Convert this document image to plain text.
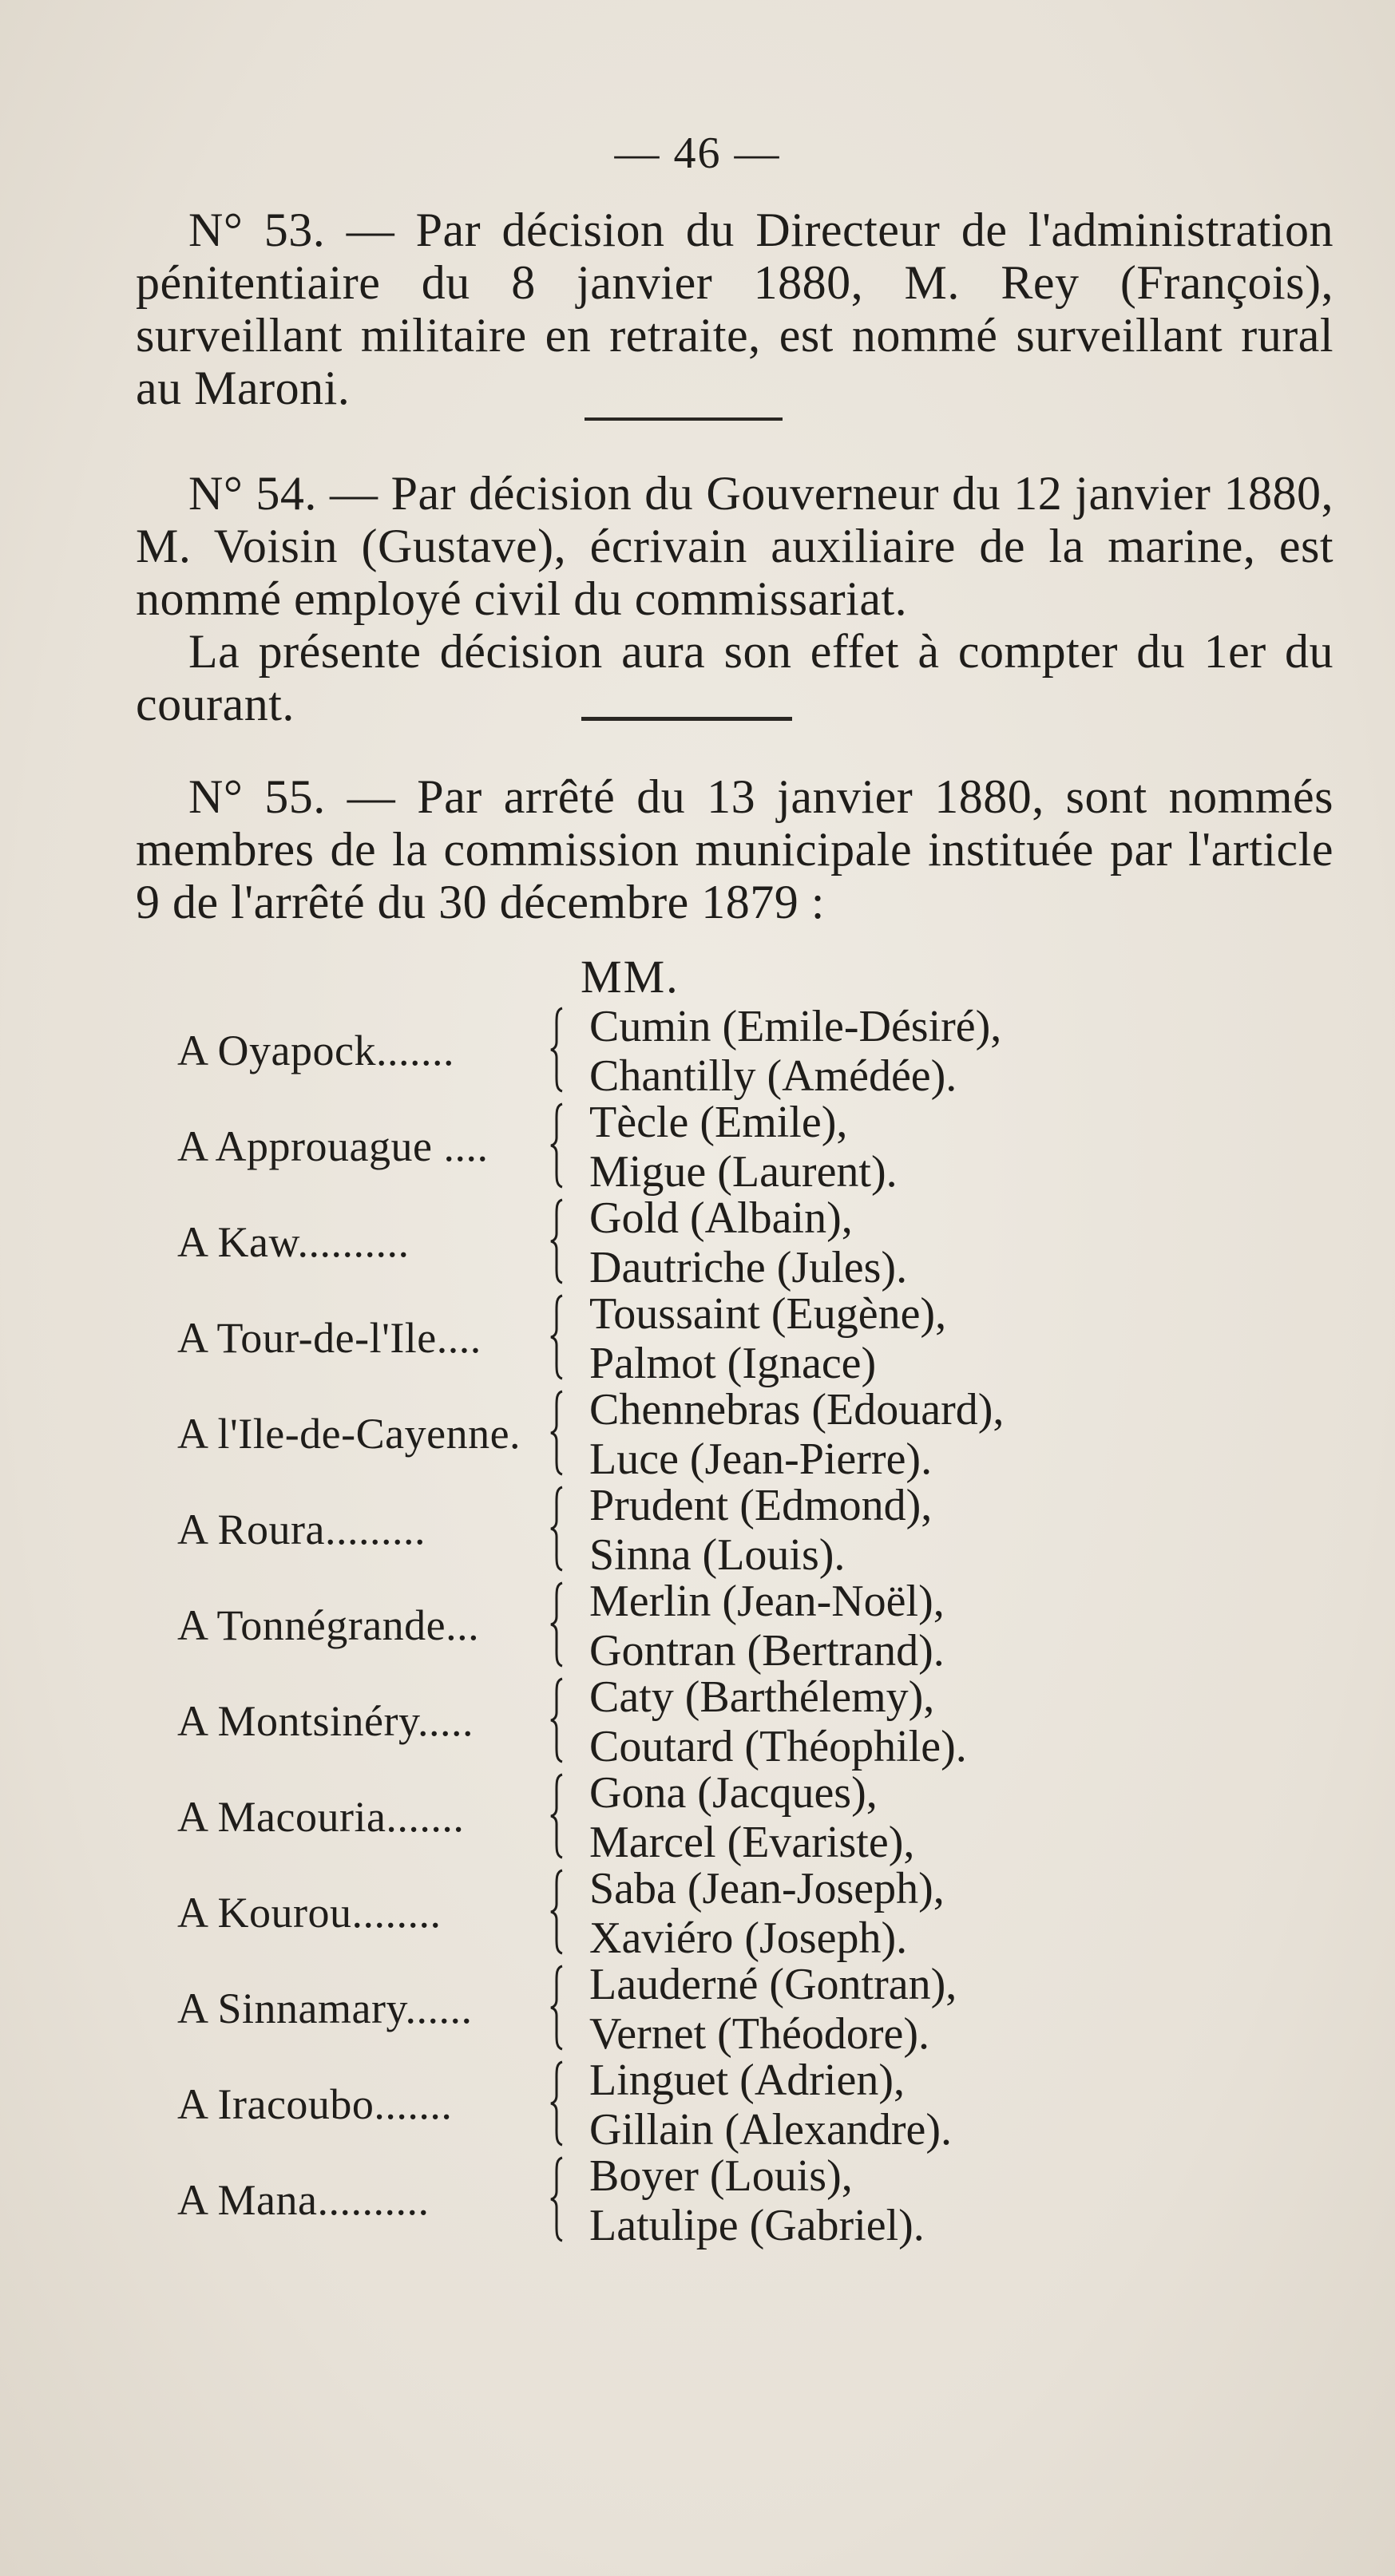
— 46 —

N° 53. — Par décision du Directeur de l'administration pénitentiaire du 8 janvier 1880, M. Rey (François), surveillant militaire en retraite, est nommé surveillant rural au Maroni.

N° 54. — Par décision du Gouverneur du 12 janvier 1880, M. Voisin (Gustave), écrivain auxiliaire de la marine, est nommé employé civil du commissariat.

La présente décision aura son effet à compter du 1er du courant.

N° 55. — Par arrêté du 13 janvier 1880, sont nommés membres de la commission municipale instituée par l'article 9 de l'arrêté du 30 décembre 1879 :

MM.
A Oyapock.......	Cumin (Emile-Désiré),
Chantilly (Amédée).
A Approuague .... Tècle (Emile),
Migue (Laurent).
A Kaw..........	Gold (Albain),
Dautriche (Jules).
A Tour-de-l'Ile.... Toussaint (Eugène),
Palmot (Ignace)
A l'Ile-de-Cayenne. Chennebras (Edouard),
Luce (Jean-Pierre).
A Roura.........	Prudent (Edmond),
Sinna (Louis).
A Tonnégrande... Merlin (Jean-Noël),
Gontran (Bertrand).
A Montsinéry.....	Caty (Barthélemy),
Coutard (Théophile).
A Macouria.......	Gona (Jacques),
Marcel (Evariste),
A Kourou........	Saba (Jean-Joseph),
Xaviéro (Joseph).
A Sinnamary......	Lauderné (Gontran),
Vernet (Théodore).
A Iracoubo.......	Linguet (Adrien),
Gillain (Alexandre).
A Mana..........	Boyer (Louis),
Latulipe (Gabriel).
